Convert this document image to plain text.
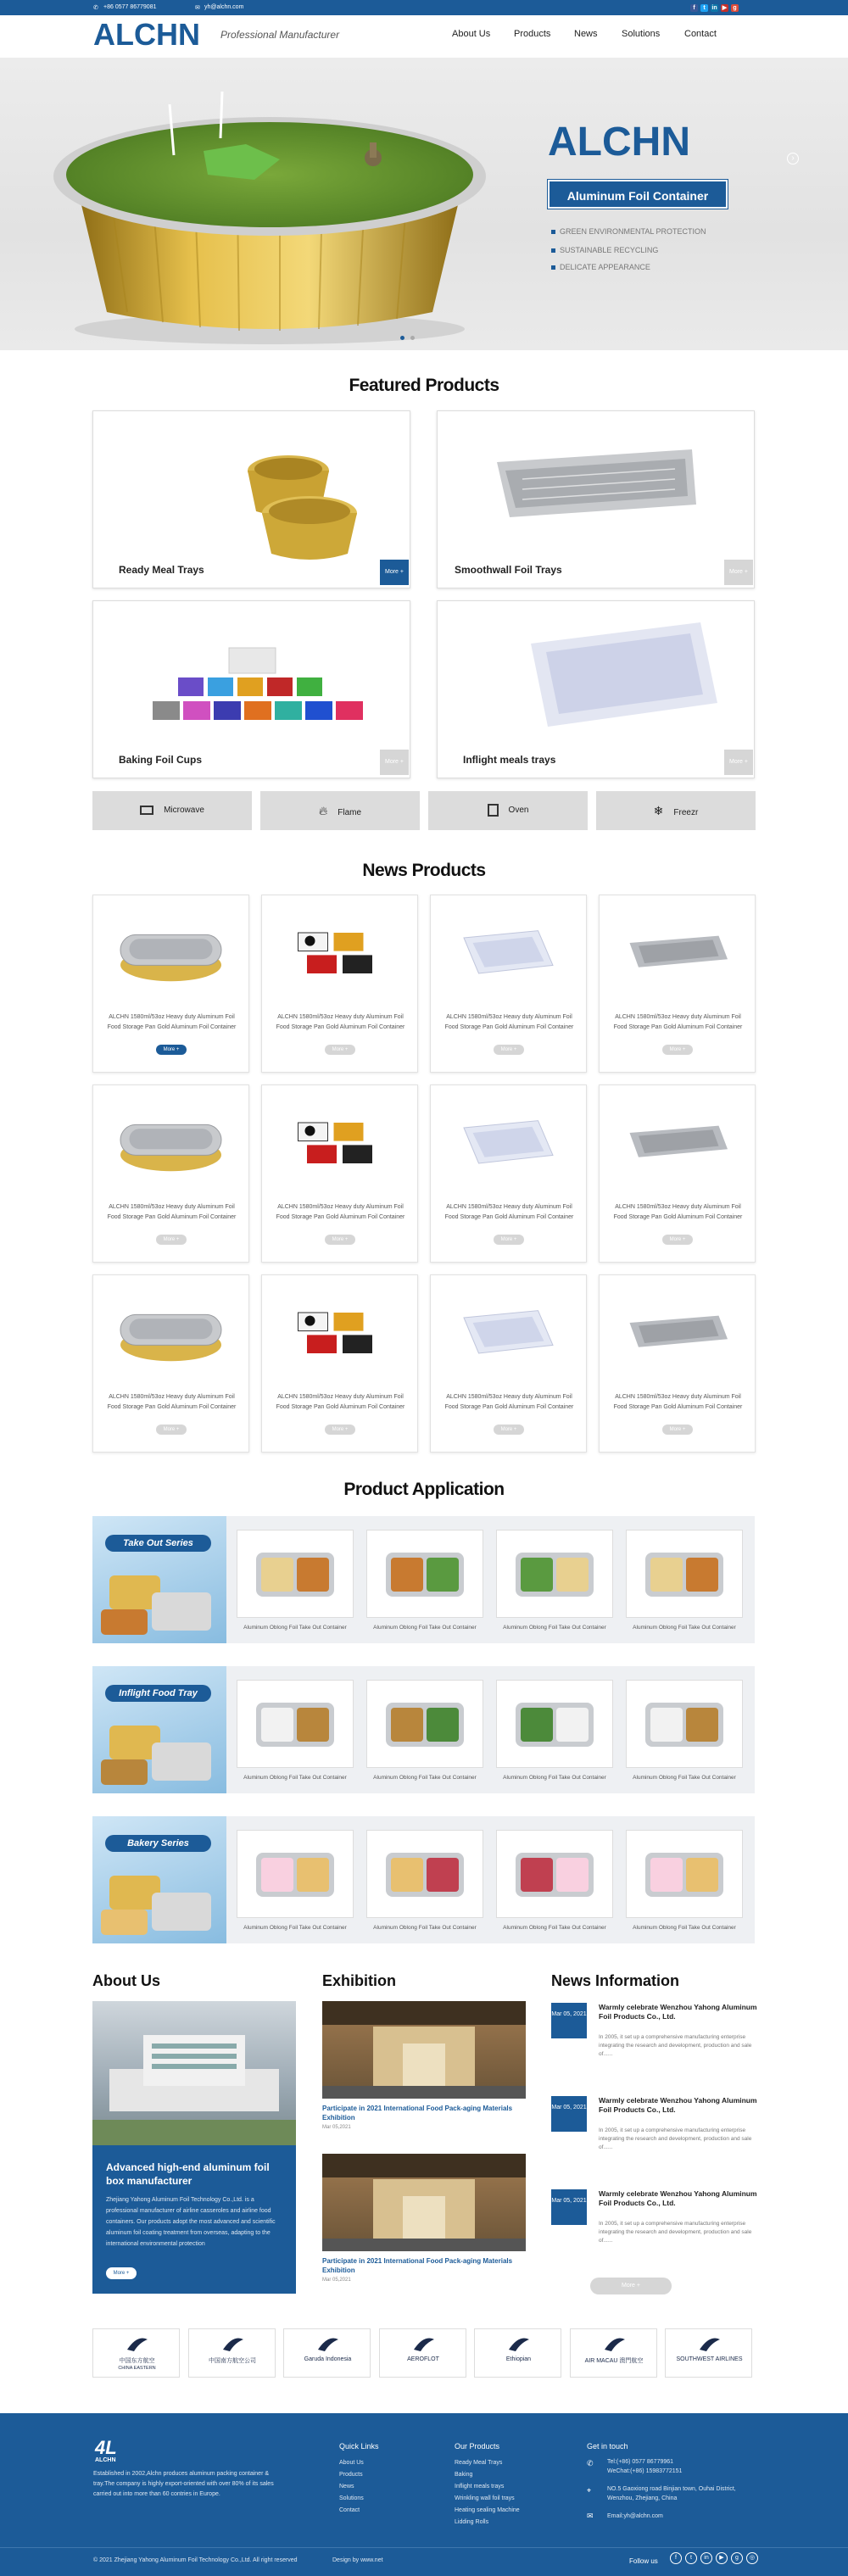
✆ +86 0577 86779081	✉ yh@alchn.com	f	t	in ▶	g
ALCHN Professional Manufacturer	About Us	Products	News	Solutions	Contact
›
ALCHN
Aluminum Foil Container
GREEN ENVIRONMENTAL PROTECTION
SUSTAINABLE RECYCLING
DELICATE APPEARANCE
Featured Products
Ready Meal Trays	More +	Smoothwall Foil Trays	More +
Baking Foil Cups	More +	Inflight meals trays	More +
Microwave	🔥︎ Flame	Oven	❄ Freezr
News Products
ALCHN 1580ml/53oz Heavy duty Aluminum Foil Food Storage Pan Gold Aluminum Foil Container
More +
ALCHN 1580ml/53oz Heavy duty Aluminum Foil Food Storage Pan Gold Aluminum Foil Container
More +
ALCHN 1580ml/53oz Heavy duty Aluminum Foil Food Storage Pan Gold Aluminum Foil Container
More +
ALCHN 1580ml/53oz Heavy duty Aluminum Foil Food Storage Pan Gold Aluminum Foil Container
More +
ALCHN 1580ml/53oz Heavy duty Aluminum Foil Food Storage Pan Gold Aluminum Foil Container
More +
ALCHN 1580ml/53oz Heavy duty Aluminum Foil Food Storage Pan Gold Aluminum Foil Container
More +
ALCHN 1580ml/53oz Heavy duty Aluminum Foil Food Storage Pan Gold Aluminum Foil Container
More +
ALCHN 1580ml/53oz Heavy duty Aluminum Foil Food Storage Pan Gold Aluminum Foil Container
More +
ALCHN 1580ml/53oz Heavy duty Aluminum Foil Food Storage Pan Gold Aluminum Foil Container
More +
ALCHN 1580ml/53oz Heavy duty Aluminum Foil Food Storage Pan Gold Aluminum Foil Container
More +
ALCHN 1580ml/53oz Heavy duty Aluminum Foil Food Storage Pan Gold Aluminum Foil Container
More +
ALCHN 1580ml/53oz Heavy duty Aluminum Foil Food Storage Pan Gold Aluminum Foil Container
More +
Product Application
Take Out Series
Aluminum Oblong Foil Take Out Container	Aluminum Oblong Foil Take Out Container	Aluminum Oblong Foil Take Out Container	Aluminum Oblong Foil Take Out Container
Inflight Food Tray
Aluminum Oblong Foil Take Out Container	Aluminum Oblong Foil Take Out Container	Aluminum Oblong Foil Take Out Container	Aluminum Oblong Foil Take Out Container
Bakery Series
Aluminum Oblong Foil Take Out Container	Aluminum Oblong Foil Take Out Container	Aluminum Oblong Foil Take Out Container	Aluminum Oblong Foil Take Out Container
About Us
Advanced high-end aluminum foil box manufacturer
Zhejiang Yahong Aluminum Foil Technology Co.,Ltd. is a professional manufacturer of airline casseroles and airline food containers. Our products adopt the most advanced and scientific aluminum foil coating treatment from overseas, adapting to the international environmental protection
More +
Exhibition
Participate in 2021 International Food Pack-aging Materials Exhibition
Mar 05,2021
Participate in 2021 International Food Pack-aging Materials Exhibition
Mar 05,2021
News Information
Mar 05, 2021
Warmly celebrate Wenzhou Yahong Aluminum Foil Products Co., Ltd.
In 2005, it set up a comprehensive manufacturing enterprise integrating the research and development, production and sale of......
Mar 05, 2021
Warmly celebrate Wenzhou Yahong Aluminum Foil Products Co., Ltd.
In 2005, it set up a comprehensive manufacturing enterprise integrating the research and development, production and sale of......
Mar 05, 2021
Warmly celebrate Wenzhou Yahong Aluminum Foil Products Co., Ltd.
In 2005, it set up a comprehensive manufacturing enterprise integrating the research and development, production and sale of......
More +
中国东方航空
CHINA EASTERN
中国南方航空公司	Garuda Indonesia	AEROFLOT	Ethiopian	AIR MACAU 澳門航空	SOUTHWEST AIRLINES
4L
ALCHN
Established in 2002,Alchn produces aluminum packing container & tray.The company is highly export-oriented with over 80% of its sales carried out into more than 60 contries in Europe.
Quick Links
About Us
Products
News
Solutions
Contact
Our Products
Ready Meal Trays
Baking
Inflight meals trays
Wrinkling wall foil trays
Heating sealing Machine
Lidding Rolls
Get in touch
✆ Tel:(+86) 0577 86779961
WeChat:(+86) 15983772151
⌖	NO.5 Gaoxiong road Binjian town, Ouhai District, Wenzhou, Zhejiang, China
✉ Email:yh@alchn.com
© 2021 Zhejiang Yahong Aluminum Foil Technology Co.,Ltd. All right reserved	Design by www.net	Follow us	f	t	in	▶	g	◎
